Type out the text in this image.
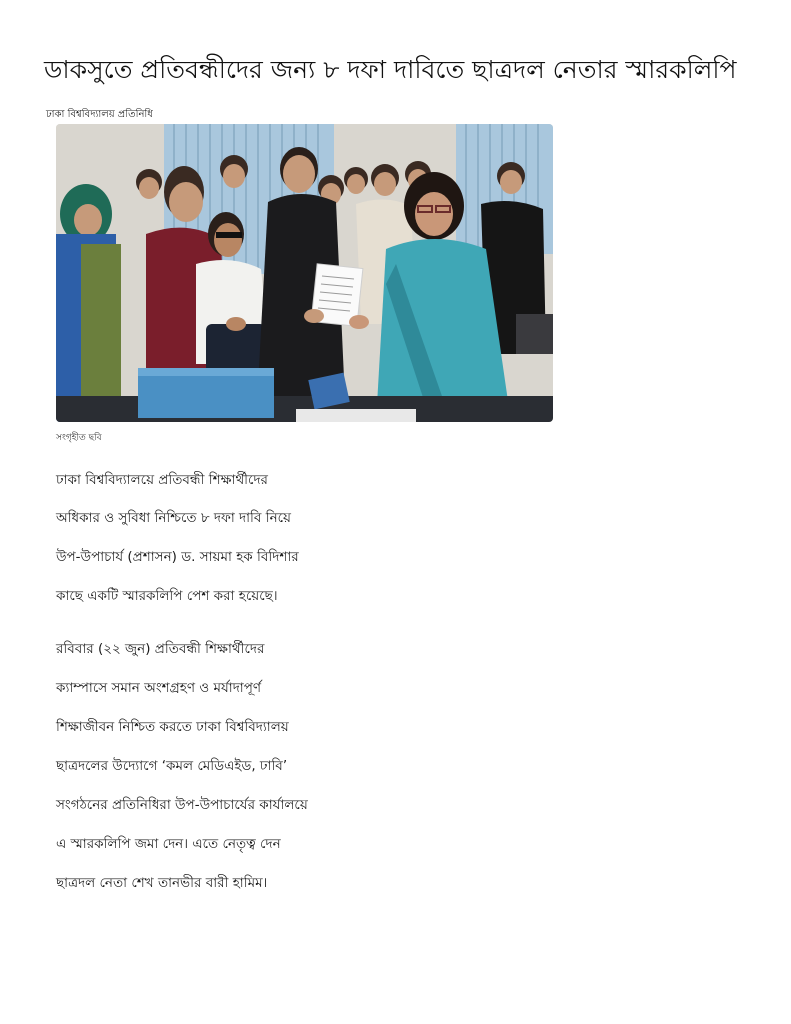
ডাকসুতে প্রতিবন্ধীদের জন্য ৮ দফা দাবিতে ছাত্রদল নেতার স্মারকলিপি
ঢাকা বিশ্ববিদ্যালয় প্রতিনিধি
সংগৃহীত ছবি
ঢাকা বিশ্ববিদ্যালয়ে প্রতিবন্ধী শিক্ষার্থীদের
অধিকার ও সুবিধা নিশ্চিতে ৮ দফা দাবি নিয়ে
উপ-উপাচার্য (প্রশাসন) ড. সায়মা হক বিদিশার
কাছে একটি স্মারকলিপি পেশ করা হয়েছে।
রবিবার (২২ জুন) প্রতিবন্ধী শিক্ষার্থীদের
ক্যাম্পাসে সমান অংশগ্রহণ ও মর্যাদাপূর্ণ
শিক্ষাজীবন নিশ্চিত করতে ঢাকা বিশ্ববিদ্যালয়
ছাত্রদলের উদ্যোগে ‘কমল মেডিএইড, ঢাবি’
সংগঠনের প্রতিনিধিরা উপ-উপাচার্যের কার্যালয়ে
এ স্মারকলিপি জমা দেন। এতে নেতৃত্ব দেন
ছাত্রদল নেতা শেখ তানভীর বারী হামিম।
